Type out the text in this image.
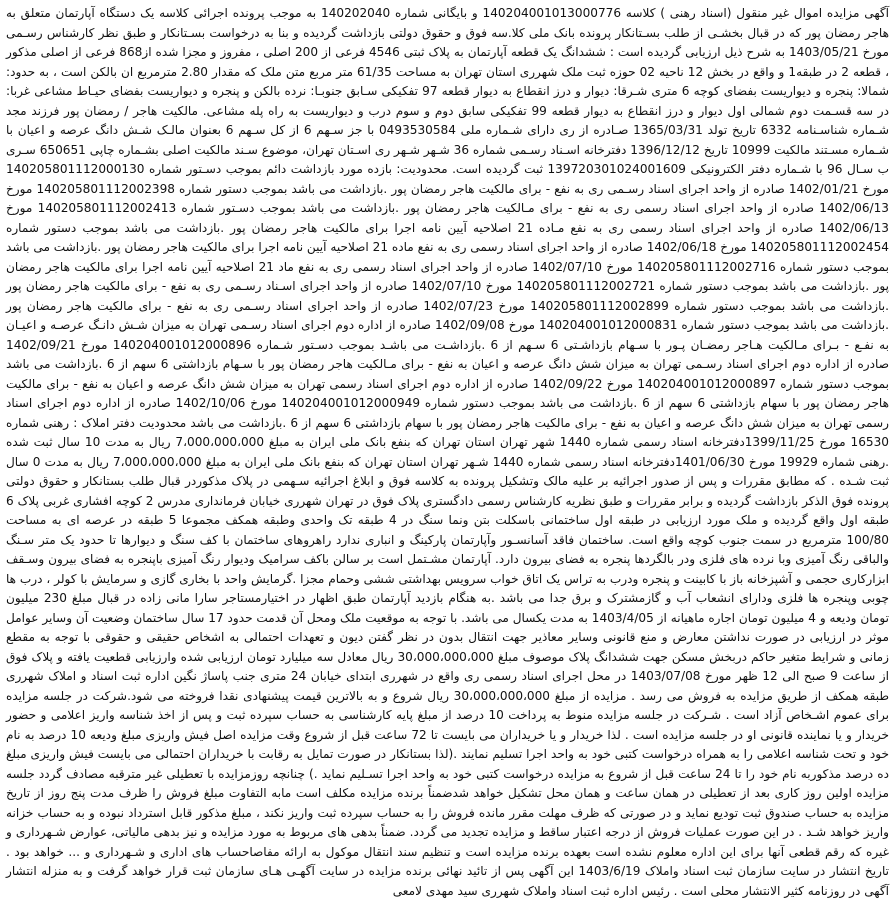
آگهی مزایده اموال غیر منقول (اسناد رهنی ) کلاسه 140204001013000776 و بایگانی شماره 140202040 به موجب پرونده اجرائی کلاسه یک دستگاه آپارتمان متعلق به هاجر رمضان پور که در قبال بخشـی از طلب بسـتانکار پرونده بانک ملی کلا.سه فوق و حقوق دولتی بازداشت گردیده و بنا به درخواست بسـتانکار و طبق نظر کارشناس رسـمی مورخ 1403/05/21 به شرح ذیل ارزیابی گردیده است : ششدانگ یک قطعه آپارتمان به پلاک ثبتی 4546 فرعی از 200 اصلی ، مفروز و مجزا شده از868 فرعی از اصلی مذکور ، قطعه 2 در طبقه1 و واقع در بخش 12 ناحیه 02 حوزه ثبت ملک شهرری استان تهران به مساحت 61/35 متر مربع متن ملک که مقدار 2.80 مترمربع ان بالکن است ، به حدود: شمالا: پنجره و دیواریست بفضای کوچه 6 متری شـرقا: دیوار و درز انقطاع به دیوار قطعه 97 تفکیکی سـابق جنوبـا: نرده بالکن و پنجره و دیواریست بفضای حیـاط مشاعی غربا: در سه قسـمت دوم شمالی اول دیوار و درز انقطاع به دیوار قطعه 99 تفکیکی سابق دوم و سوم درب و دیواریست به راه پله مشاعی. مالکیت هاجر / رمضان پور فرزند مجد شـماره شناسـنامه 6332 تاریخ تولد 1365/03/31 صـادره از ری دارای شـماره ملی 0493530584 با جز سـهم 6 از کل سـهم 6 بعنوان مالـک شـش دانگ عرصه و اعیان با شـماره مسـتند مالکیت 10999 تاریخ 1396/12/12 دفترخانه اسـناد رسـمی شماره 36 شـهر شـهر ری اسـتان تهران، موضوع سـند مالکیت اصلی بشـماره چاپی 650651 سـری ب سـال 96 با شـماره دفتر الکترونیکی 139720301024001609 ثبت گردیده است. محدودیت: بازده مورد بازداشت دائم بموجب دسـتور شماره 140205801112000130 مورخ 1402/01/21 صادره از واحد اجرای اسناد رسـمی ری به نفع - برای مالکیت هاجر رمضان پور .بازداشت می باشد بموجب دستور شماره 140205801112002398 مورخ 1402/06/13 صادره از واحد اجرای اسناد رسمی ری به نفع - برای مـالکیت هاجر رمضان پور .بازداشت می باشد بموجب دسـتور شماره 140205801112002413 مورخ 1402/06/13 صادره از واحد اجرای اسناد رسمی ری به نفع مـاده 21 اصلاحیه آیین نامه اجرا برای مالکیت هاجر رمضان پور .بازداشت می باشد بموجب دستور شماره 140205801112002454 مورخ 1402/06/18 صادره از واحد اجرای اسناد رسمی ری به نفع ماده 21 اصلاحیه آیین نامه اجرا برای مالکیت هاجر رمضان پور .بازداشت می باشد بموجب دستور شماره 140205801112002716 مورخ 1402/07/10 صادره از واحد اجرای اسناد رسمی ری به نفع ماد 21 اصلاحیه آیین نامه اجرا برای مالکیت هاجر رمضان پور .بازداشت می باشد بموجب دستور شماره 140205801112002721 مورخ 1402/07/10 صادره از واحد اجرای اسـناد رسـمی ری به نفع - برای مالکیت هاجر رمضان پور .بازداشت می باشد بموجب دستور شماره 140205801112002899 مورخ 1402/07/23 صادره از واحد اجرای اسناد رسـمی ری به نفع - برای مالکیت هاجر رمضان پور .بازداشت می باشد بموجب دستور شماره 140204001012000831 مورخ 1402/09/08 صادره از اداره دوم اجرای اسناد رسـمی تهران به میزان شـش دانـگ عرصـه و اعیـان به نفـع - بـرای مـالکیت هـاجر رمضـان پـور با سـهام بازداشـتی 6 سـهم از 6 .بازداشـت می باشـد بموجب دسـتور شـماره 140204001012000896 مورخ 1402/09/21 صادره از اداره دوم اجرای اسناد رسـمی تهران به میزان شش دانگ عرصه و اعیان به نفع - برای مـالکیت هاجر رمضان پور با سـهام بازداشتی 6 سهم از 6 .بازداشت می باشد بموجب دستور شماره 140204001012000897 مورخ 1402/09/22 صادره از اداره دوم اجرای اسناد رسمی تهران به میزان شش دانگ عرصه و اعیان به نفع - برای مالکیت هاجر رمضان پور با سهام بازداشتی 6 سهم از 6 .بازداشت می باشد بموجب دستور شماره 140204001012000949 مورخ 1402/10/06 صادره از اداره دوم اجرای اسناد رسمی تهران به میزان شش دانگ عرصه و اعیان به نفع - برای مالکیت هاجر رمضان پور با سهام بازداشتی 6 سهم از 6 .بازداشت می باشد محدودیت دفتر املاک : رهنی شماره 16530 مورخ 1399/11/25دفترخانه اسناد رسمی شماره 1440 شهر تهران استان تهران که بنفع بانک ملی ایران به مبلغ 7،000،000،000 ریال به مدت 10 سال ثبت شده .رهنی شماره 19929 مورخ 1401/06/30دفترخانه اسناد رسمی شماره 1440 شـهر تهران استان تهران که بنفع بانک ملی ایران به مبلغ 7،000،000،000 ریال به مدت 0 سال ثبت شـده . که مطابق مقررات و پس از صدور اجرائیه بر علیه مالک وتشکیل پرونده به کلاسه فوق و ابلاغ اجرائیه سـهمی در پلاک مذکوردر قبال طلب بستانکار و حقوق دولتی پرونده فوق الذکر بازداشت گردیده و برابر مقررات و طبق نظریه کارشناس رسمی دادگستری پلاک فوق در تهران شهرری خیابان فرمانداری مدرس 2 کوچه افشاری غربی پلاک 6 طبقه اول واقع گردیده و ملک مورد ارزیابی در طبقه اول ساختمانی باسکلت بتن ونما سنگ در 4 طبقه تک واحدی وطبقه همکف مجموعا 5 طبقه در عرصه ای به مساحت 100/80 مترمربع در سمت جنوب کوچه واقع است. ساختمان فاقد آسانسـور وآپارتمان پارکینگ و انباری ندارد راهروهای ساختمان با کف سنگ و دیوارها تا حدود یک متر سـنگ والباقی رنگ آمیزی وبا نرده های فلزی ودر بالگردها پنجره به فضای بیرون دارد. آپارتمان مشـتمل است بر سالن باکف سرامیک ودیوار رنگ آمیزی باپنجره به فضای بیرون وسـقف ابزارکاری حجمی و آشپزخانه باز با کابینت و پنجره ودرب به تراس یک اتاق خواب سرویس بهداشتی ششی وحمام مجزا .گرمایش واحد با بخاری گازی و سرمایش با کولر ، درب ها چوبی وپنجره ها فلزی ودارای انشعاب آب و گازمشترک و برق جدا می باشد .به هنگام بازدید آپارتمان طبق اظهار در اختیارمستاجر سارا مانی زاده در قبال مبلغ 230 میلیون تومان ودیعه و 4 میلیون تومان اجاره ماهیانه از 1403/4/05 به مدت یکسال می باشد. با توجه به موقعیت ملک ومحل آن قدمت حدود 17 سال ساختمان وضعیت آن وسایر عوامل موثر در ارزیابی در صورت نداشتن معارض و منع قانونی وسایر معاذیر جهت انتقال بدون در نظر گفتن دیون و تعهدات احتمالی به اشخاص حقیقی و حقوقی با توجه به مقطع زمانی و شرایط متغیر حاکم دربخش مسکن جهت ششدانگ پلاک موصوف مبلغ 30،000،000،000 ریال معادل سه میلیارد تومان ارزیابی شده وارزیابی قطعیت یافته و پلاک فوق از ساعت 9 صبح الی 12 ظهر مورخ 1403/07/08 در محل اجرای اسناد رسمی ری واقع در شهرری ابتدای خیابان 24 متری جنب پاساژ نگین اداره ثبت اسناد و املاک شهرری طبقه همکف از طریق مزایده به فروش می رسد . مزایده از مبلغ 30،000،000،000 ریال شروع و به بالاترین قیمت پیشنهادی نقدا فروخته می شود.شرکت در جلسه مزایده برای عموم اشـخاص آزاد است . شـرکت در جلسه مزایده منوط به پرداخت 10 درصد از مبلغ پایه کارشناسی به حساب سپرده ثبت و پس از اخذ شناسه واریز اعلامی و حضور خریدار و یا نماینده قانونی او در جلسه مزایده است . لذا خریدار و یا خریداران می بایست تا 72 ساعت قبل از شروع وقت مزایده اصل فیش واریزی مبلغ ودیعه 10 درصد به نام خود و تحت شناسه اعلامی را به همراه درخواست کتبی خود به واحد اجرا تسلیم نمایند .(لذا بستانکار در صورت تمایل به رقابت با خریداران احتمالی می بایست فیش واریزی مبلغ ده درصد مذکوربه نام خود را تا 24 ساعت قبل از شروع به مزایده درخواست کتبی خود به واحد اجرا تسـلیم نماید .) چنانچه روزمزایده با تعطیلی غیر مترقبه مصادف گردد جلسه مزایده اولین روز کاری بعد از تعطیلی در همان ساعت و همان محل تشکیل خواهد شدضمناً برنده مزایده مکلف است مابه التفاوت مبلغ فروش را ظرف مدت پنج روز از تاریخ مزایده به حساب صندوق ثبت تودیع نماید و در صورتی که ظرف مهلت مقرر مانده فروش را به حساب سپرده ثبت واریز نکند ، مبلغ مذکور قابل استرداد نبوده و به حساب خزانه واریز خواهد شـد . در این صورت عملیات فروش از درجه اعتبار ساقط و مزایده تجدید می گردد. ضمناً بدهی های مربوط به مورد مزایده و نیز بدهی مالیاتی، عوارض شـهرداری و غیره که رقم قطعی آنها برای این اداره معلوم نشده است بعهده برنده مزایده است و تنظیم سند انتقال موکول به ارائه مفاصاحساب های اداری و شـهرداری و ... خواهد بود . تاریخ انتشار در سایت سازمان ثبت اسناد واملاک 1403/6/19 این آگهی پس از تائید نهائی برنده مزایده در سایت آگهـی هـای سازمان ثبت قرار خواهد گرفت و به منزله انتشار آگهی در روزنامه کثیر الانتشار محلی است . رئیس اداره ثبت اسناد واملاک شهرری سید مهدی لامعی
